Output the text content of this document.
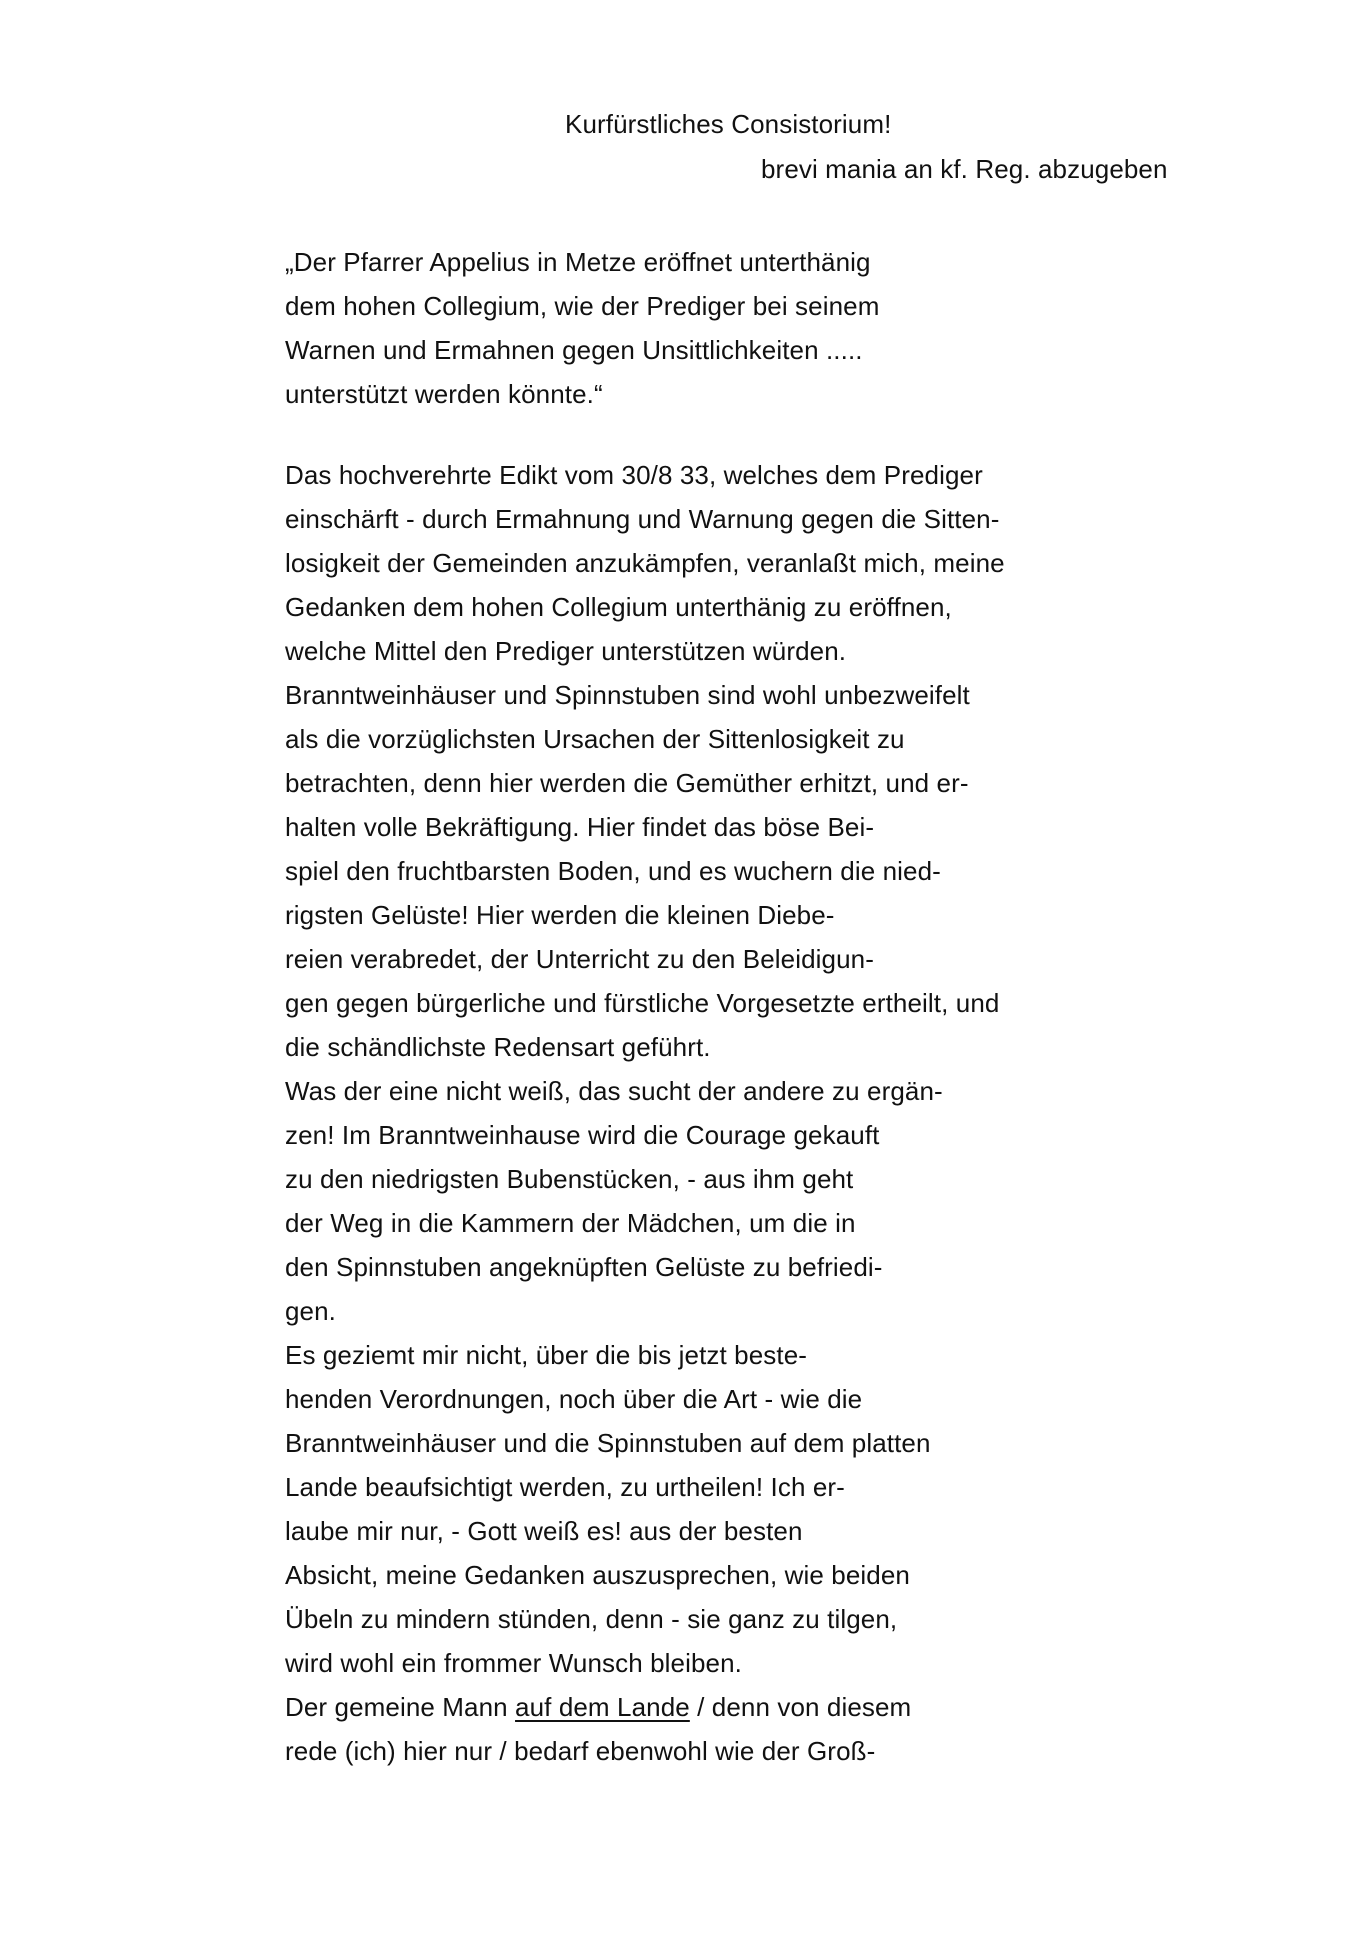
Kurfürstliches Consistorium!
brevi mania an kf. Reg. abzugeben
„Der Pfarrer Appelius in Metze eröffnet unterthänig
dem hohen Collegium, wie der Prediger bei seinem
Warnen und Ermahnen gegen Unsittlichkeiten .....
unterstützt werden könnte.“
Das hochverehrte Edikt vom 30/8 33, welches dem Prediger
einschärft - durch Ermahnung und Warnung gegen die Sitten-
losigkeit der Gemeinden anzukämpfen, veranlaßt mich, meine
Gedanken dem hohen Collegium unterthänig zu eröffnen,
welche Mittel den Prediger unterstützen würden.
Branntweinhäuser und Spinnstuben sind wohl unbezweifelt
als die vorzüglichsten Ursachen der Sittenlosigkeit zu
betrachten, denn hier werden die Gemüther erhitzt, und er-
halten volle Bekräftigung. Hier findet das böse Bei-
spiel den fruchtbarsten Boden, und es wuchern die nied-
rigsten Gelüste! Hier werden die kleinen Diebe-
reien verabredet, der Unterricht zu den Beleidigun-
gen gegen bürgerliche und fürstliche Vorgesetzte ertheilt, und
die schändlichste Redensart geführt.
Was der eine nicht weiß, das sucht der andere zu ergän-
zen! Im Branntweinhause wird die Courage gekauft
zu den niedrigsten Bubenstücken, - aus ihm geht
der Weg in die Kammern der Mädchen, um die in
den Spinnstuben angeknüpften Gelüste zu befriedi-
gen.
Es geziemt mir nicht, über die bis jetzt beste-
henden Verordnungen, noch über die Art - wie die
Branntweinhäuser und die Spinnstuben auf dem platten
Lande beaufsichtigt werden, zu urtheilen! Ich er-
laube mir nur, - Gott weiß es! aus der besten
Absicht, meine Gedanken auszusprechen, wie beiden
Übeln zu mindern stünden, denn - sie ganz zu tilgen,
wird wohl ein frommer Wunsch bleiben.
Der gemeine Mann auf dem Lande / denn von diesem
rede (ich) hier nur / bedarf ebenwohl wie der Groß-
